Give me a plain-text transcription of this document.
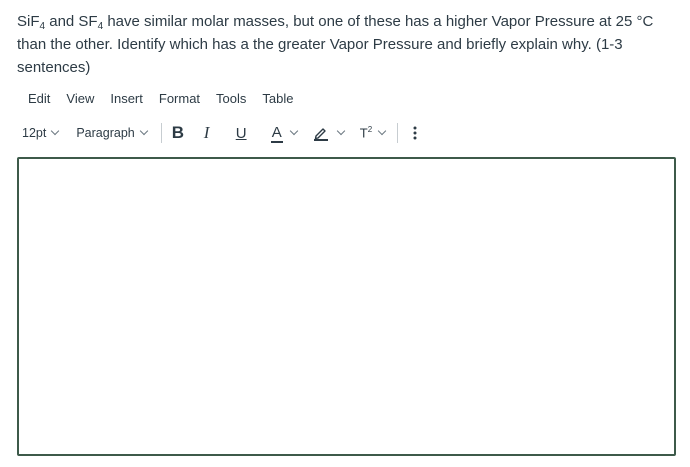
SiF$_4$ and $SF_4$ have similar molar masses, but one of these has a higher Vapor Pressure at 25 °C than the other. Identify which has a the greater Vapor Pressure and briefly explain why. (1-3 sentences)
Edit	View	Insert	Format	Tools	Table
12pt Paragraph B I U A	$T^2$
